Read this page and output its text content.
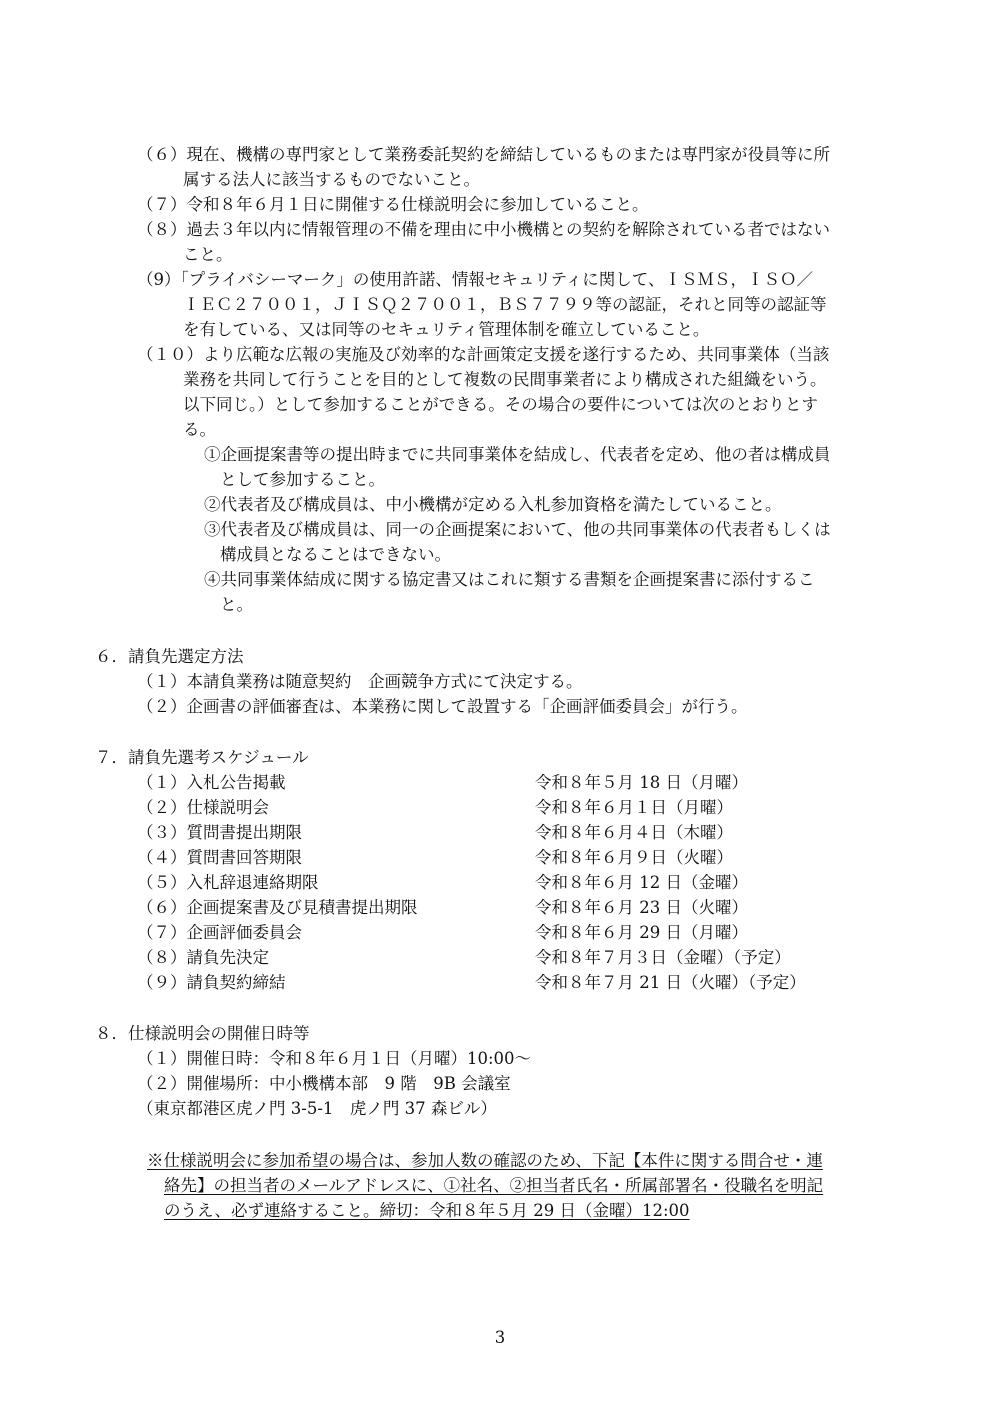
（６）現在、機構の専門家として業務委託契約を締結しているものまたは専門家が役員等に所
属する法人に該当するものでないこと。
（７）令和８年６月１日に開催する仕様説明会に参加していること。
（８）過去３年以内に情報管理の不備を理由に中小機構との契約を解除されている者ではない
こと。
（9）「プライバシーマーク」の使用許諾、情報セキュリティに関して、ＩＳＭＳ，ＩＳＯ／
ＩＥＣ２７００１，ＪＩＳＱ２７００１，ＢＳ７７９９等の認証，それと同等の認証等
を有している、又は同等のセキュリティ管理体制を確立していること。
（１０）より広範な広報の実施及び効率的な計画策定支援を遂行するため、共同事業体（当該
業務を共同して行うことを目的として複数の民間事業者により構成された組織をいう。
以下同じ。）として参加することができる。その場合の要件については次のとおりとす
る。
①企画提案書等の提出時までに共同事業体を結成し、代表者を定め、他の者は構成員
として参加すること。
②代表者及び構成員は、中小機構が定める入札参加資格を満たしていること。
③代表者及び構成員は、同一の企画提案において、他の共同事業体の代表者もしくは
構成員となることはできない。
④共同事業体結成に関する協定書又はこれに類する書類を企画提案書に添付するこ
と。
６．請負先選定方法
（１）本請負業務は随意契約　企画競争方式にて決定する。
（２）企画書の評価審査は、本業務に関して設置する「企画評価委員会」が行う。
７．請負先選考スケジュール
（１）入札公告掲載	令和８年５月 18 日（月曜）
（２）仕様説明会	令和８年６月１日（月曜）
（３）質問書提出期限	令和８年６月４日（木曜）
（４）質問書回答期限	令和８年６月９日（火曜）
（５）入札辞退連絡期限	令和８年６月 12 日（金曜）
（６）企画提案書及び見積書提出期限	令和８年６月 23 日（火曜）
（７）企画評価委員会	令和８年６月 29 日（月曜）
（８）請負先決定	令和８年７月３日（金曜）（予定）
（９）請負契約締結	令和８年７月 21 日（火曜）（予定）
８．仕様説明会の開催日時等
（１）開催日時：令和８年６月１日（月曜）10:00～
（２）開催場所：中小機構本部　9 階　9B 会議室
（東京都港区虎ノ門 3-5-1　虎ノ門 37 森ビル）
※仕様説明会に参加希望の場合は、参加人数の確認のため、下記【本件に関する問合せ・連
絡先】の担当者のメールアドレスに、①社名、②担当者氏名・所属部署名・役職名を明記
のうえ、必ず連絡すること。締切：令和８年５月 29 日（金曜）12:00
3
